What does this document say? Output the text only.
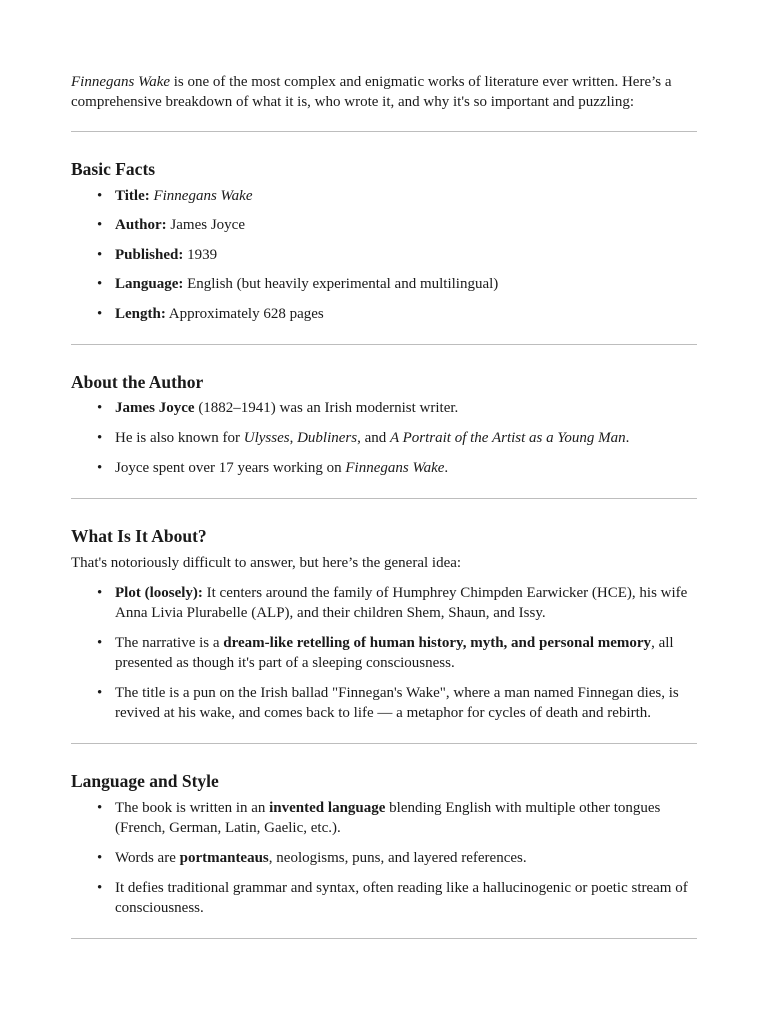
Finnegans Wake is one of the most complex and enigmatic works of literature ever written. Here’s a comprehensive breakdown of what it is, who wrote it, and why it's so important and puzzling:

Basic Facts
• Title: Finnegans Wake
• Author: James Joyce
• Published: 1939
• Language: English (but heavily experimental and multilingual)
• Length: Approximately 628 pages
About the Author
• James Joyce (1882–1941) was an Irish modernist writer.
• He is also known for Ulysses, Dubliners, and A Portrait of the Artist as a Young Man.
• Joyce spent over 17 years working on Finnegans Wake.
What Is It About?

That's notoriously difficult to answer, but here’s the general idea:

• Plot (loosely): It centers around the family of Humphrey Chimpden Earwicker (HCE), his wife Anna Livia Plurabelle (ALP), and their children Shem, Shaun, and Issy.
• The narrative is a dream-like retelling of human history, myth, and personal memory, all presented as though it's part of a sleeping consciousness.
• The title is a pun on the Irish ballad "Finnegan's Wake", where a man named Finnegan dies, is revived at his wake, and comes back to life — a metaphor for cycles of death and rebirth.
Language and Style
• The book is written in an invented language blending English with multiple other tongues (French, German, Latin, Gaelic, etc.).
• Words are portmanteaus, neologisms, puns, and layered references.
• It defies traditional grammar and syntax, often reading like a hallucinogenic or poetic stream of consciousness.
